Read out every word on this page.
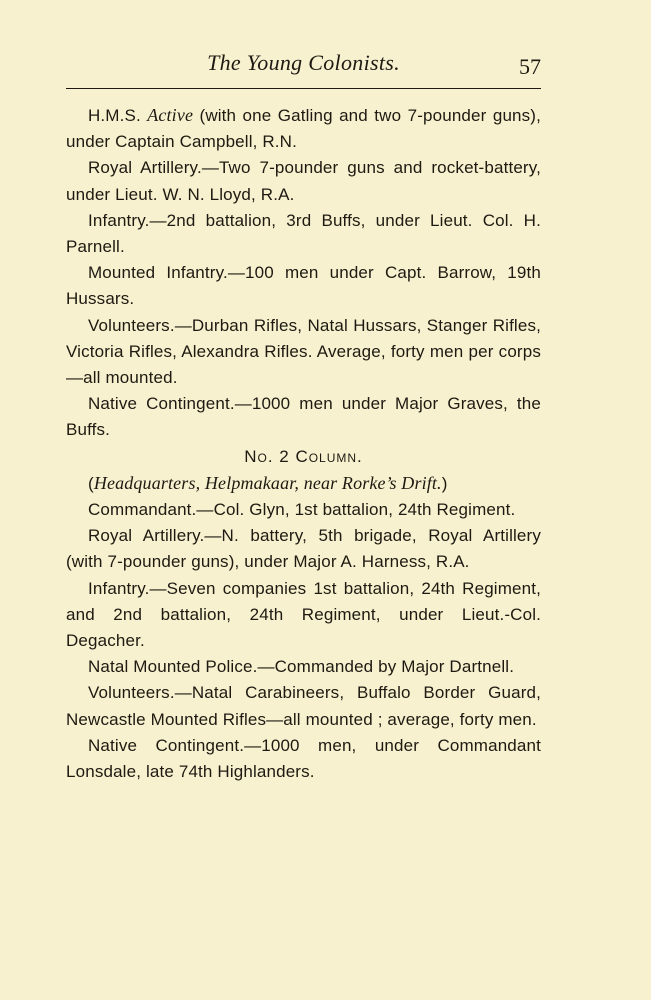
The Young Colonists.	57

H.M.S. Active (with one Gatling and two 7-pounder guns), under Captain Campbell, R.N.

Royal Artillery.—Two 7-pounder guns and rocket-battery, under Lieut. W. N. Lloyd, R.A.

Infantry.—2nd battalion, 3rd Buffs, under Lieut. Col. H. Parnell.

Mounted Infantry.—100 men under Capt. Barrow, 19th Hussars.

Volunteers.—Durban Rifles, Natal Hussars, Stanger Rifles, Victoria Rifles, Alexandra Rifles. Average, forty men per corps—all mounted.

Native Contingent.—1000 men under Major Graves, the Buffs.

No. 2 Column.

(Headquarters, Helpmakaar, near Rorke’s Drift.)

Commandant.—Col. Glyn, 1st battalion, 24th Regiment.

Royal Artillery.—N. battery, 5th brigade, Royal Artillery (with 7-pounder guns), under Major A. Harness, R.A.

Infantry.—Seven companies 1st battalion, 24th Regiment, and 2nd battalion, 24th Regiment, under Lieut.-Col. Degacher.

Natal Mounted Police.—Commanded by Major Dartnell.

Volunteers.—Natal Carabineers, Buffalo Border Guard, Newcastle Mounted Rifles—all mounted ; average, forty men.

Native Contingent.—1000 men, under Commandant Lonsdale, late 74th Highlanders.
